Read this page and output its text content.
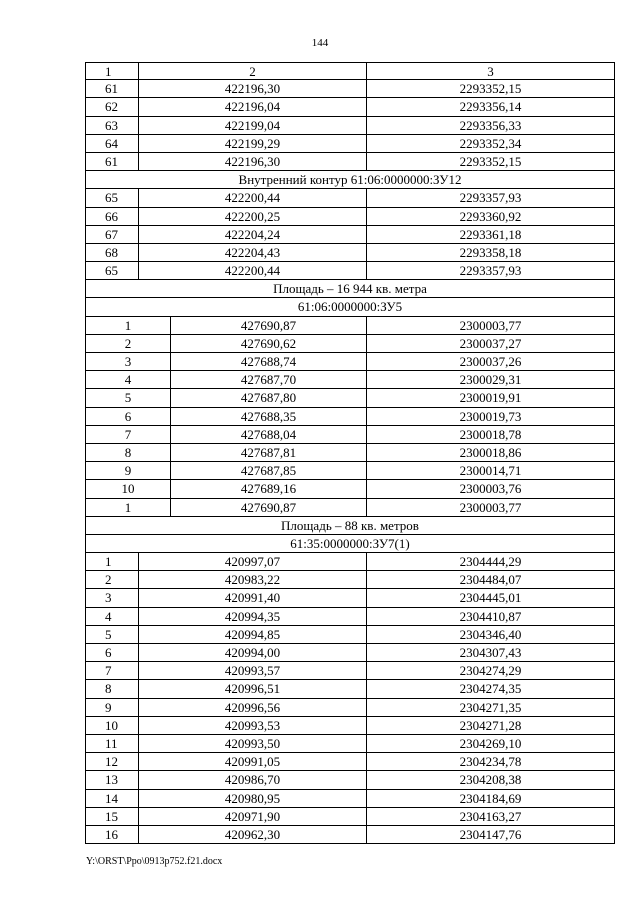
144
1	2	3
61	422196,30	2293352,15
62	422196,04	2293356,14
63	422199,04	2293356,33
64	422199,29	2293352,34
61	422196,30	2293352,15
Внутренний контур 61:06:0000000:ЗУ12
65	422200,44	2293357,93
66	422200,25	2293360,92
67	422204,24	2293361,18
68	422204,43	2293358,18
65	422200,44	2293357,93
Площадь – 16 944 кв. метра
61:06:0000000:ЗУ5
1	427690,87	2300003,77
2	427690,62	2300037,27
3	427688,74	2300037,26
4	427687,70	2300029,31
5	427687,80	2300019,91
6	427688,35	2300019,73
7	427688,04	2300018,78
8	427687,81	2300018,86
9	427687,85	2300014,71
10	427689,16	2300003,76
1	427690,87	2300003,77
Площадь – 88 кв. метров
61:35:0000000:ЗУ7(1)
1	420997,07	2304444,29
2	420983,22	2304484,07
3	420991,40	2304445,01
4	420994,35	2304410,87
5	420994,85	2304346,40
6	420994,00	2304307,43
7	420993,57	2304274,29
8	420996,51	2304274,35
9	420996,56	2304271,35
10	420993,53	2304271,28
11	420993,50	2304269,10
12	420991,05	2304234,78
13	420986,70	2304208,38
14	420980,95	2304184,69
15	420971,90	2304163,27
16	420962,30	2304147,76
Y:\ORST\Ppo\0913p752.f21.docx
